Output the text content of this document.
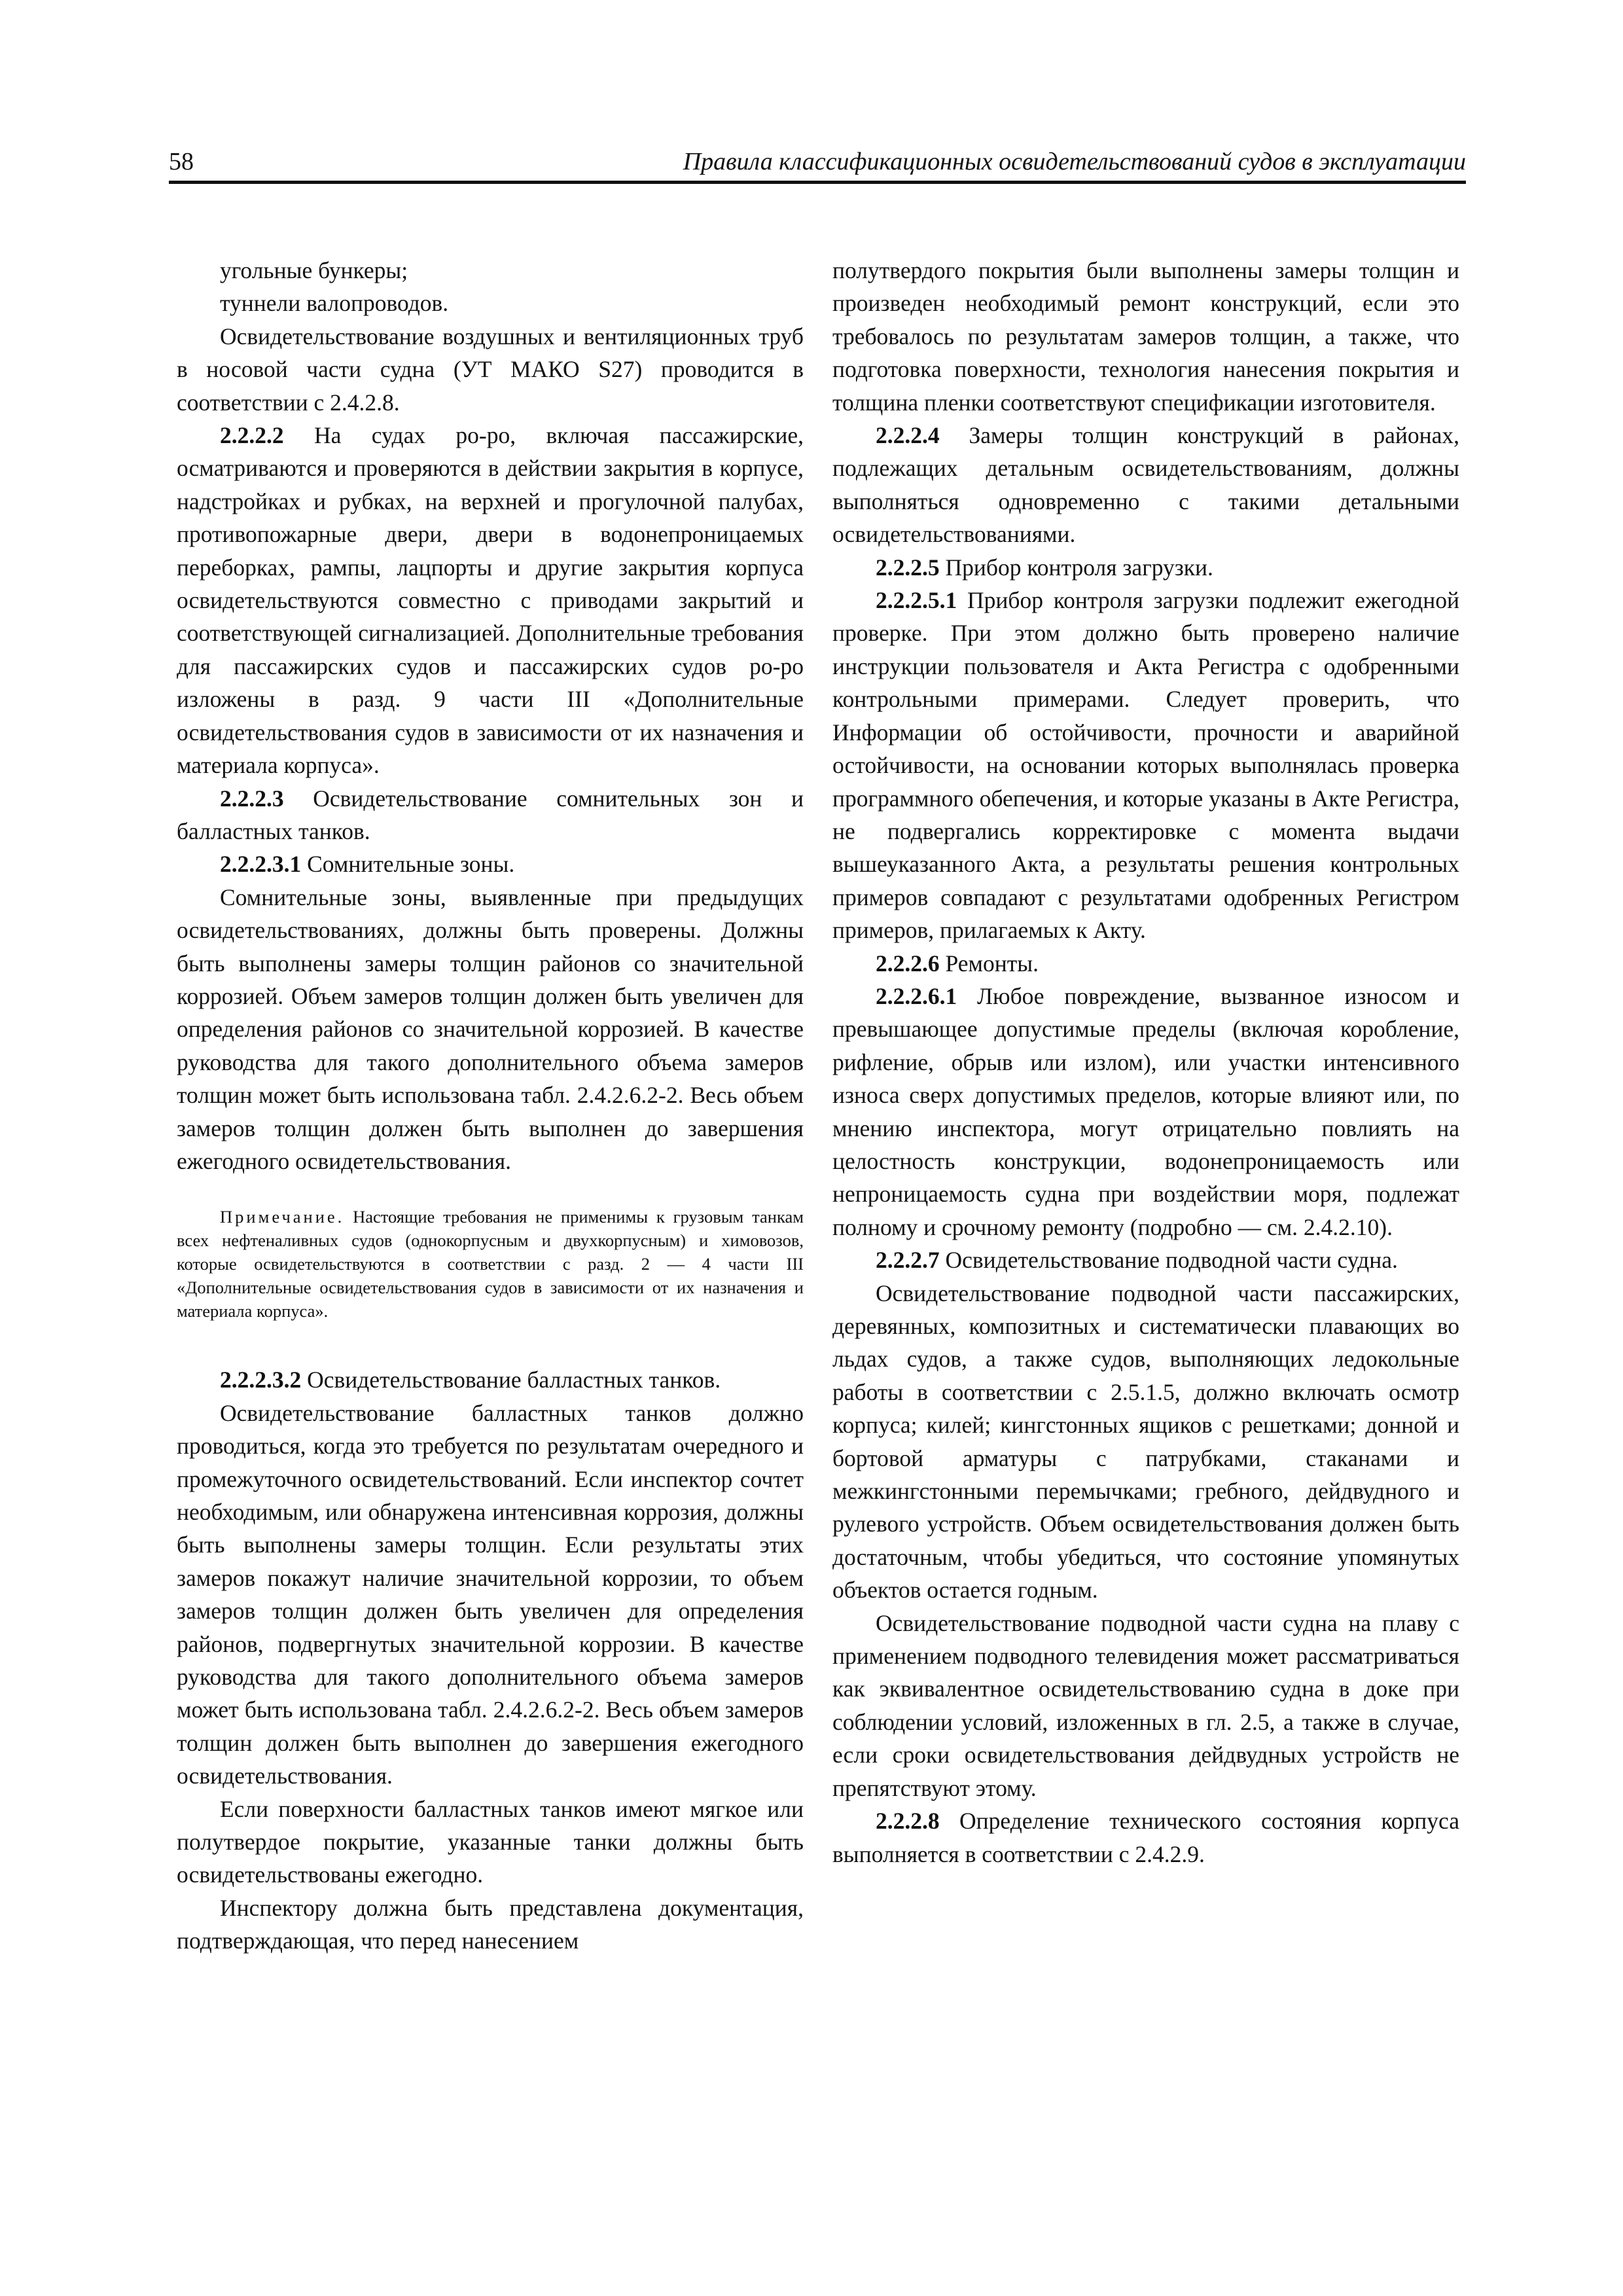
58	Правила классификационных освидетельствований судов в эксплуатации

угольные бункеры;

туннели валопроводов.

Освидетельствование воздушных и вентиляционных труб в носовой части судна (УТ МАКО S27) проводится в соответствии с 2.4.2.8.

2.2.2.2 На судах ро-ро, включая пассажирские, осматриваются и проверяются в действии закрытия в корпусе, надстройках и рубках, на верхней и прогулочной палубах, противопожарные двери, двери в водонепроницаемых переборках, рампы, лацпорты и другие закрытия корпуса освидетельствуются совместно с приводами закрытий и соответствующей сигнализацией. Дополнительные требования для пассажирских судов и пассажирских судов ро-ро изложены в разд. 9 части III «Дополнительные освидетельствования судов в зависимости от их назначения и материала корпуса».

2.2.2.3 Освидетельствование сомнительных зон и балластных танков.

2.2.2.3.1 Сомнительные зоны.

Сомнительные зоны, выявленные при предыдущих освидетельствованиях, должны быть проверены. Должны быть выполнены замеры толщин районов со значительной коррозией. Объем замеров толщин должен быть увеличен для определения районов со значительной коррозией. В качестве руководства для такого дополнительного объема замеров толщин может быть использована табл. 2.4.2.6.2-2. Весь объем замеров толщин должен быть выполнен до завершения ежегодного освидетельствования.

Примечание. Настоящие требования не применимы к грузовым танкам всех нефтеналивных судов (однокорпусным и двухкорпусным) и химовозов, которые освидетельствуются в соответствии с разд. 2 — 4 части III «Дополнительные освидетельствования судов в зависимости от их назначения и материала корпуса».

2.2.2.3.2 Освидетельствование балластных танков.

Освидетельствование балластных танков должно проводиться, когда это требуется по результатам очередного и промежуточного освидетельствований. Если инспектор сочтет необходимым, или обнаружена интенсивная коррозия, должны быть выполнены замеры толщин. Если результаты этих замеров покажут наличие значительной коррозии, то объем замеров толщин должен быть увеличен для определения районов, подвергнутых значительной коррозии. В качестве руководства для такого дополнительного объема замеров может быть использована табл. 2.4.2.6.2-2. Весь объем замеров толщин должен быть выполнен до завершения ежегодного освидетельствования.

Если поверхности балластных танков имеют мягкое или полутвердое покрытие, указанные танки должны быть освидетельствованы ежегодно.

Инспектору должна быть представлена документация, подтверждающая, что перед нанесением

полутвердого покрытия были выполнены замеры толщин и произведен необходимый ремонт конструкций, если это требовалось по результатам замеров толщин, а также, что подготовка поверхности, технология нанесения покрытия и толщина пленки соответствуют спецификации изготовителя.

2.2.2.4 Замеры толщин конструкций в районах, подлежащих детальным освидетельствованиям, должны выполняться одновременно с такими детальными освидетельствованиями.

2.2.2.5 Прибор контроля загрузки.

2.2.2.5.1 Прибор контроля загрузки подлежит ежегодной проверке. При этом должно быть проверено наличие инструкции пользователя и Акта Регистра с одобренными контрольными примерами. Следует проверить, что Информации об остойчивости, прочности и аварийной остойчивости, на основании которых выполнялась проверка программного обепечения, и которые указаны в Акте Регистра, не подвергались корректировке с момента выдачи вышеуказанного Акта, а результаты решения контрольных примеров совпадают с результатами одобренных Регистром примеров, прилагаемых к Акту.

2.2.2.6 Ремонты.

2.2.2.6.1 Любое повреждение, вызванное износом и превышающее допустимые пределы (включая коробление, рифление, обрыв или излом), или участки интенсивного износа сверх допустимых пределов, которые влияют или, по мнению инспектора, могут отрицательно повлиять на целостность конструкции, водонепроницаемость или непроницаемость судна при воздействии моря, подлежат полному и срочному ремонту (подробно — см. 2.4.2.10).

2.2.2.7 Освидетельствование подводной части судна.

Освидетельствование подводной части пассажирских, деревянных, композитных и систематически плавающих во льдах судов, а также судов, выполняющих ледокольные работы в соответствии с 2.5.1.5, должно включать осмотр корпуса; килей; кингстонных ящиков с решетками; донной и бортовой арматуры с патрубками, стаканами и межкингстонными перемычками; гребного, дейдвудного и рулевого устройств. Объем освидетельствования должен быть достаточным, чтобы убедиться, что состояние упомянутых объектов остается годным.

Освидетельствование подводной части судна на плаву с применением подводного телевидения может рассматриваться как эквивалентное освидетельствованию судна в доке при соблюдении условий, изложенных в гл. 2.5, а также в случае, если сроки освидетельствования дейдвудных устройств не препятствуют этому.

2.2.2.8 Определение технического состояния корпуса выполняется в соответствии с 2.4.2.9.
